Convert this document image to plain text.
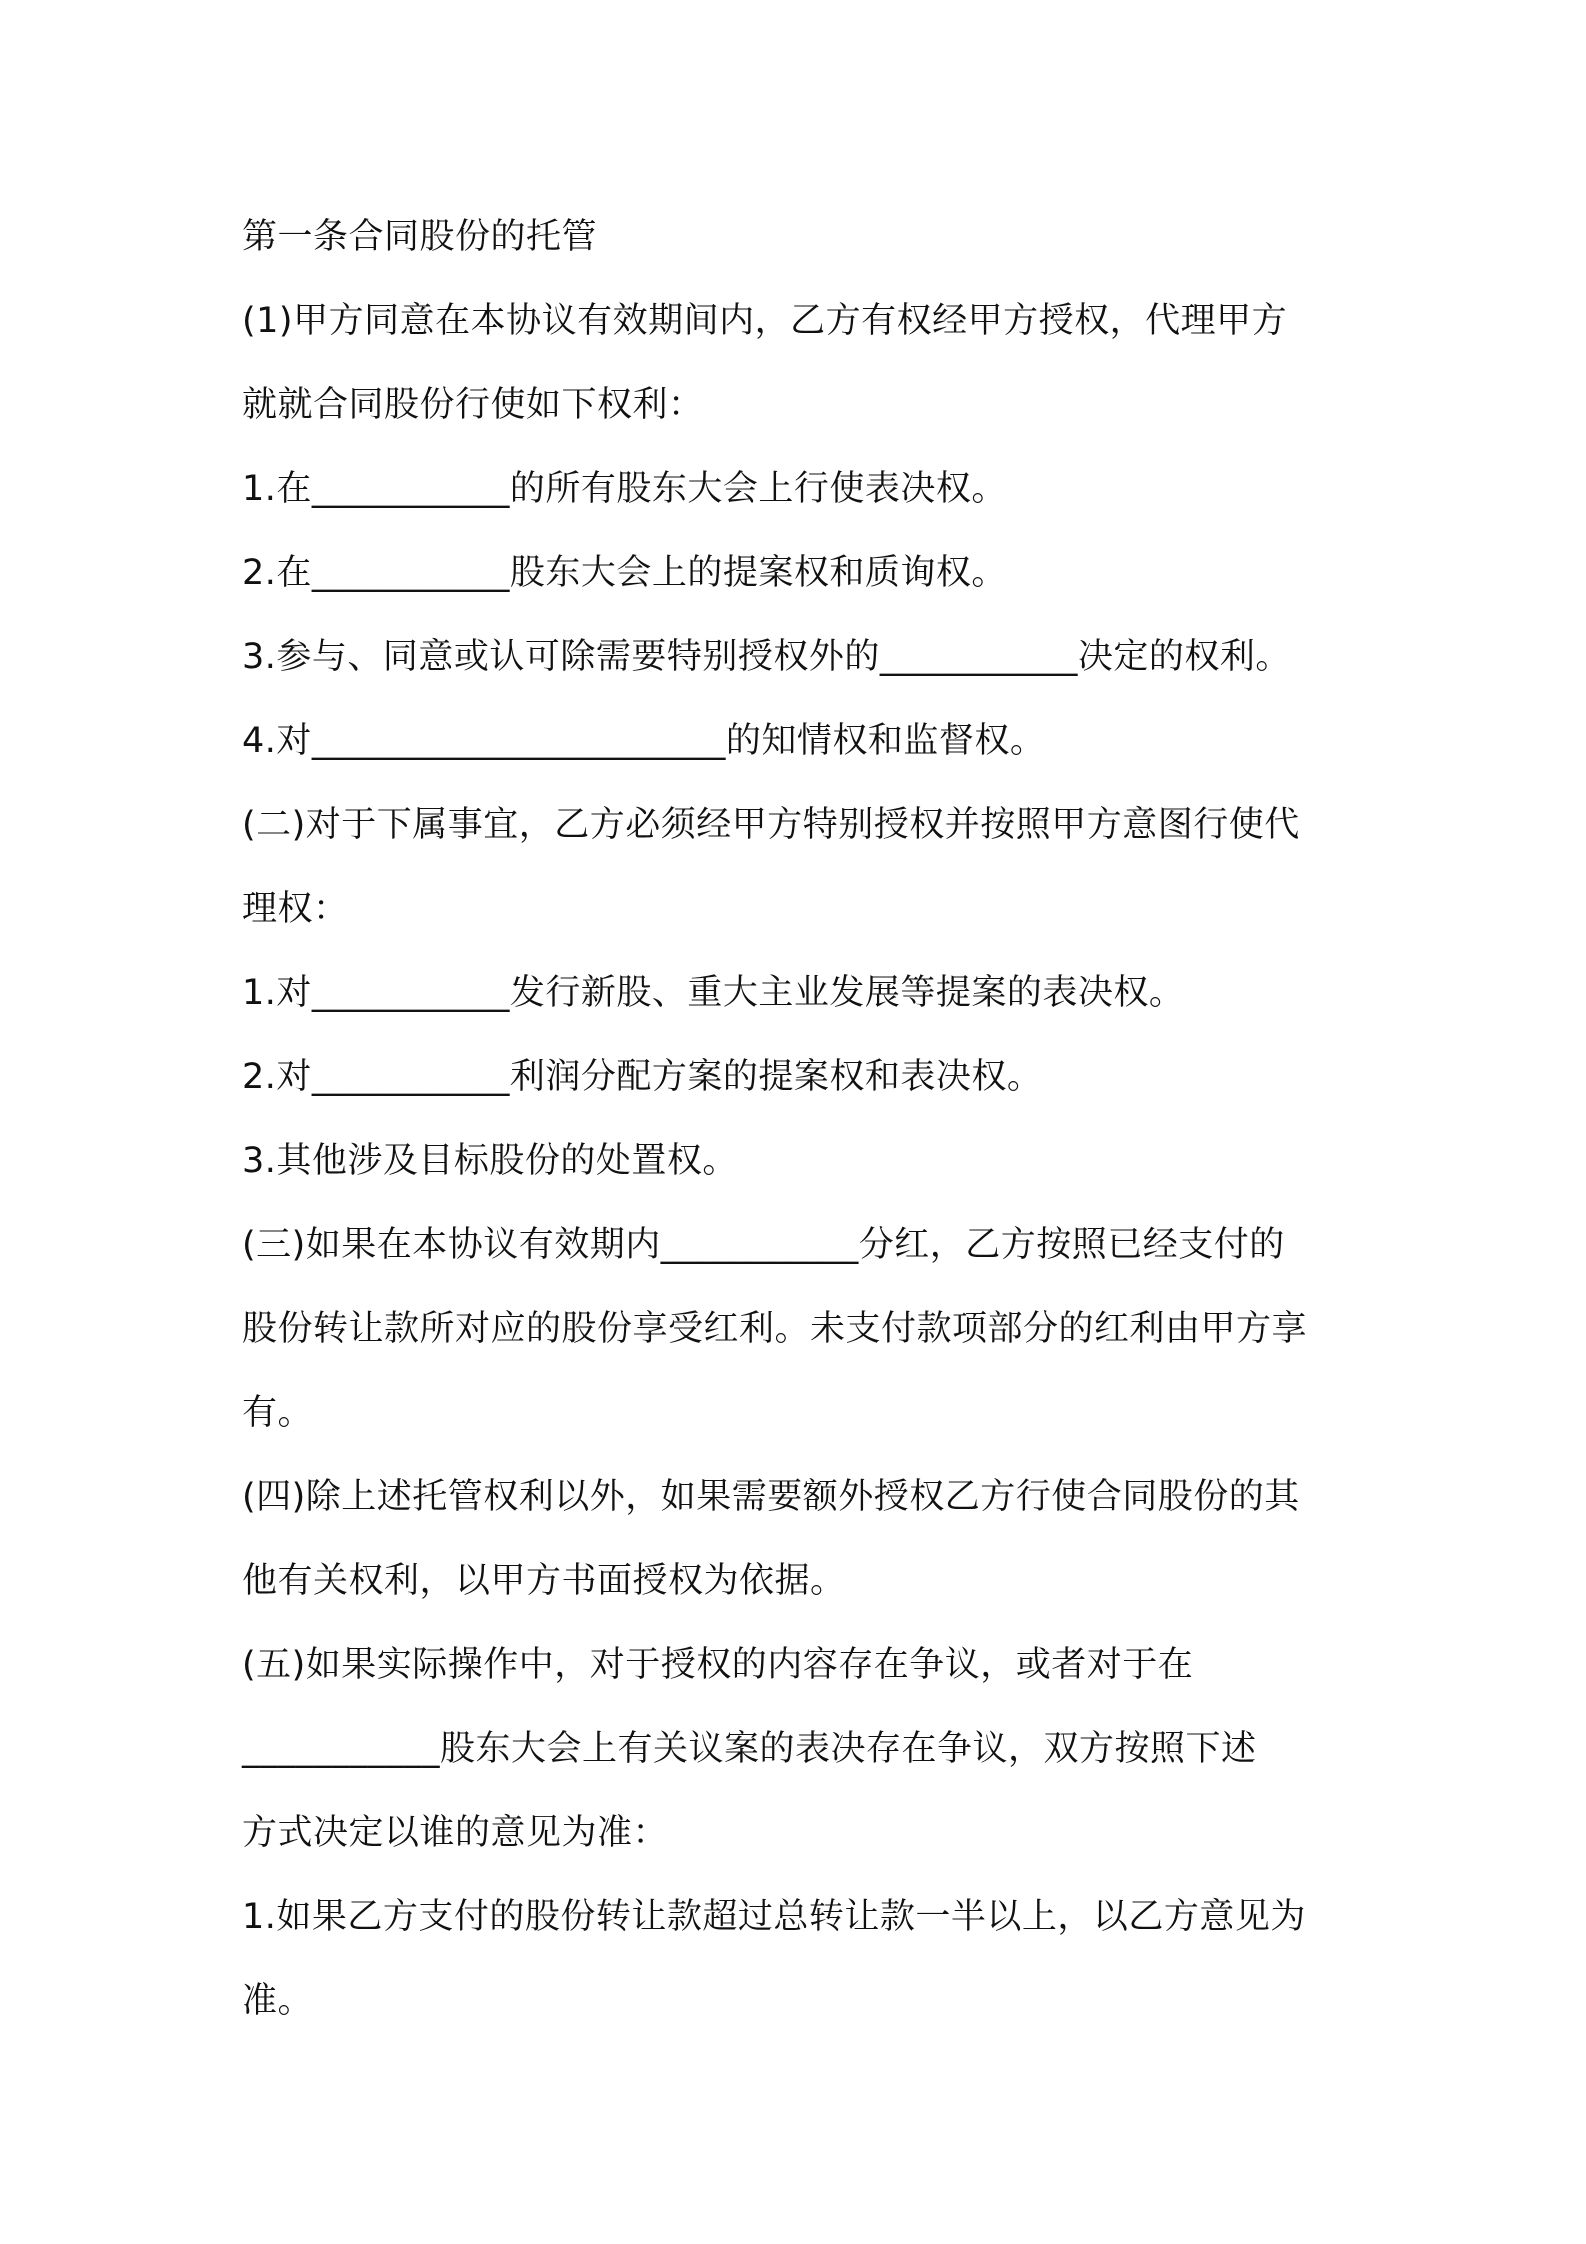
第一条合同股份的托管
(1)甲方同意在本协议有效期间内，乙方有权经甲方授权，代理甲方
就就合同股份行使如下权利：
1.在___________的所有股东大会上行使表决权。
2.在___________股东大会上的提案权和质询权。
3.参与、同意或认可除需要特别授权外的___________决定的权利。
4.对_______________________的知情权和监督权。
(二)对于下属事宜，乙方必须经甲方特别授权并按照甲方意图行使代
理权：
1.对___________发行新股、重大主业发展等提案的表决权。
2.对___________利润分配方案的提案权和表决权。
3.其他涉及目标股份的处置权。
(三)如果在本协议有效期内___________分红，乙方按照已经支付的
股份转让款所对应的股份享受红利。未支付款项部分的红利由甲方享
有。
(四)除上述托管权利以外，如果需要额外授权乙方行使合同股份的其
他有关权利，以甲方书面授权为依据。
(五)如果实际操作中，对于授权的内容存在争议，或者对于在
___________股东大会上有关议案的表决存在争议，双方按照下述
方式决定以谁的意见为准：
1.如果乙方支付的股份转让款超过总转让款一半以上，以乙方意见为
准。
